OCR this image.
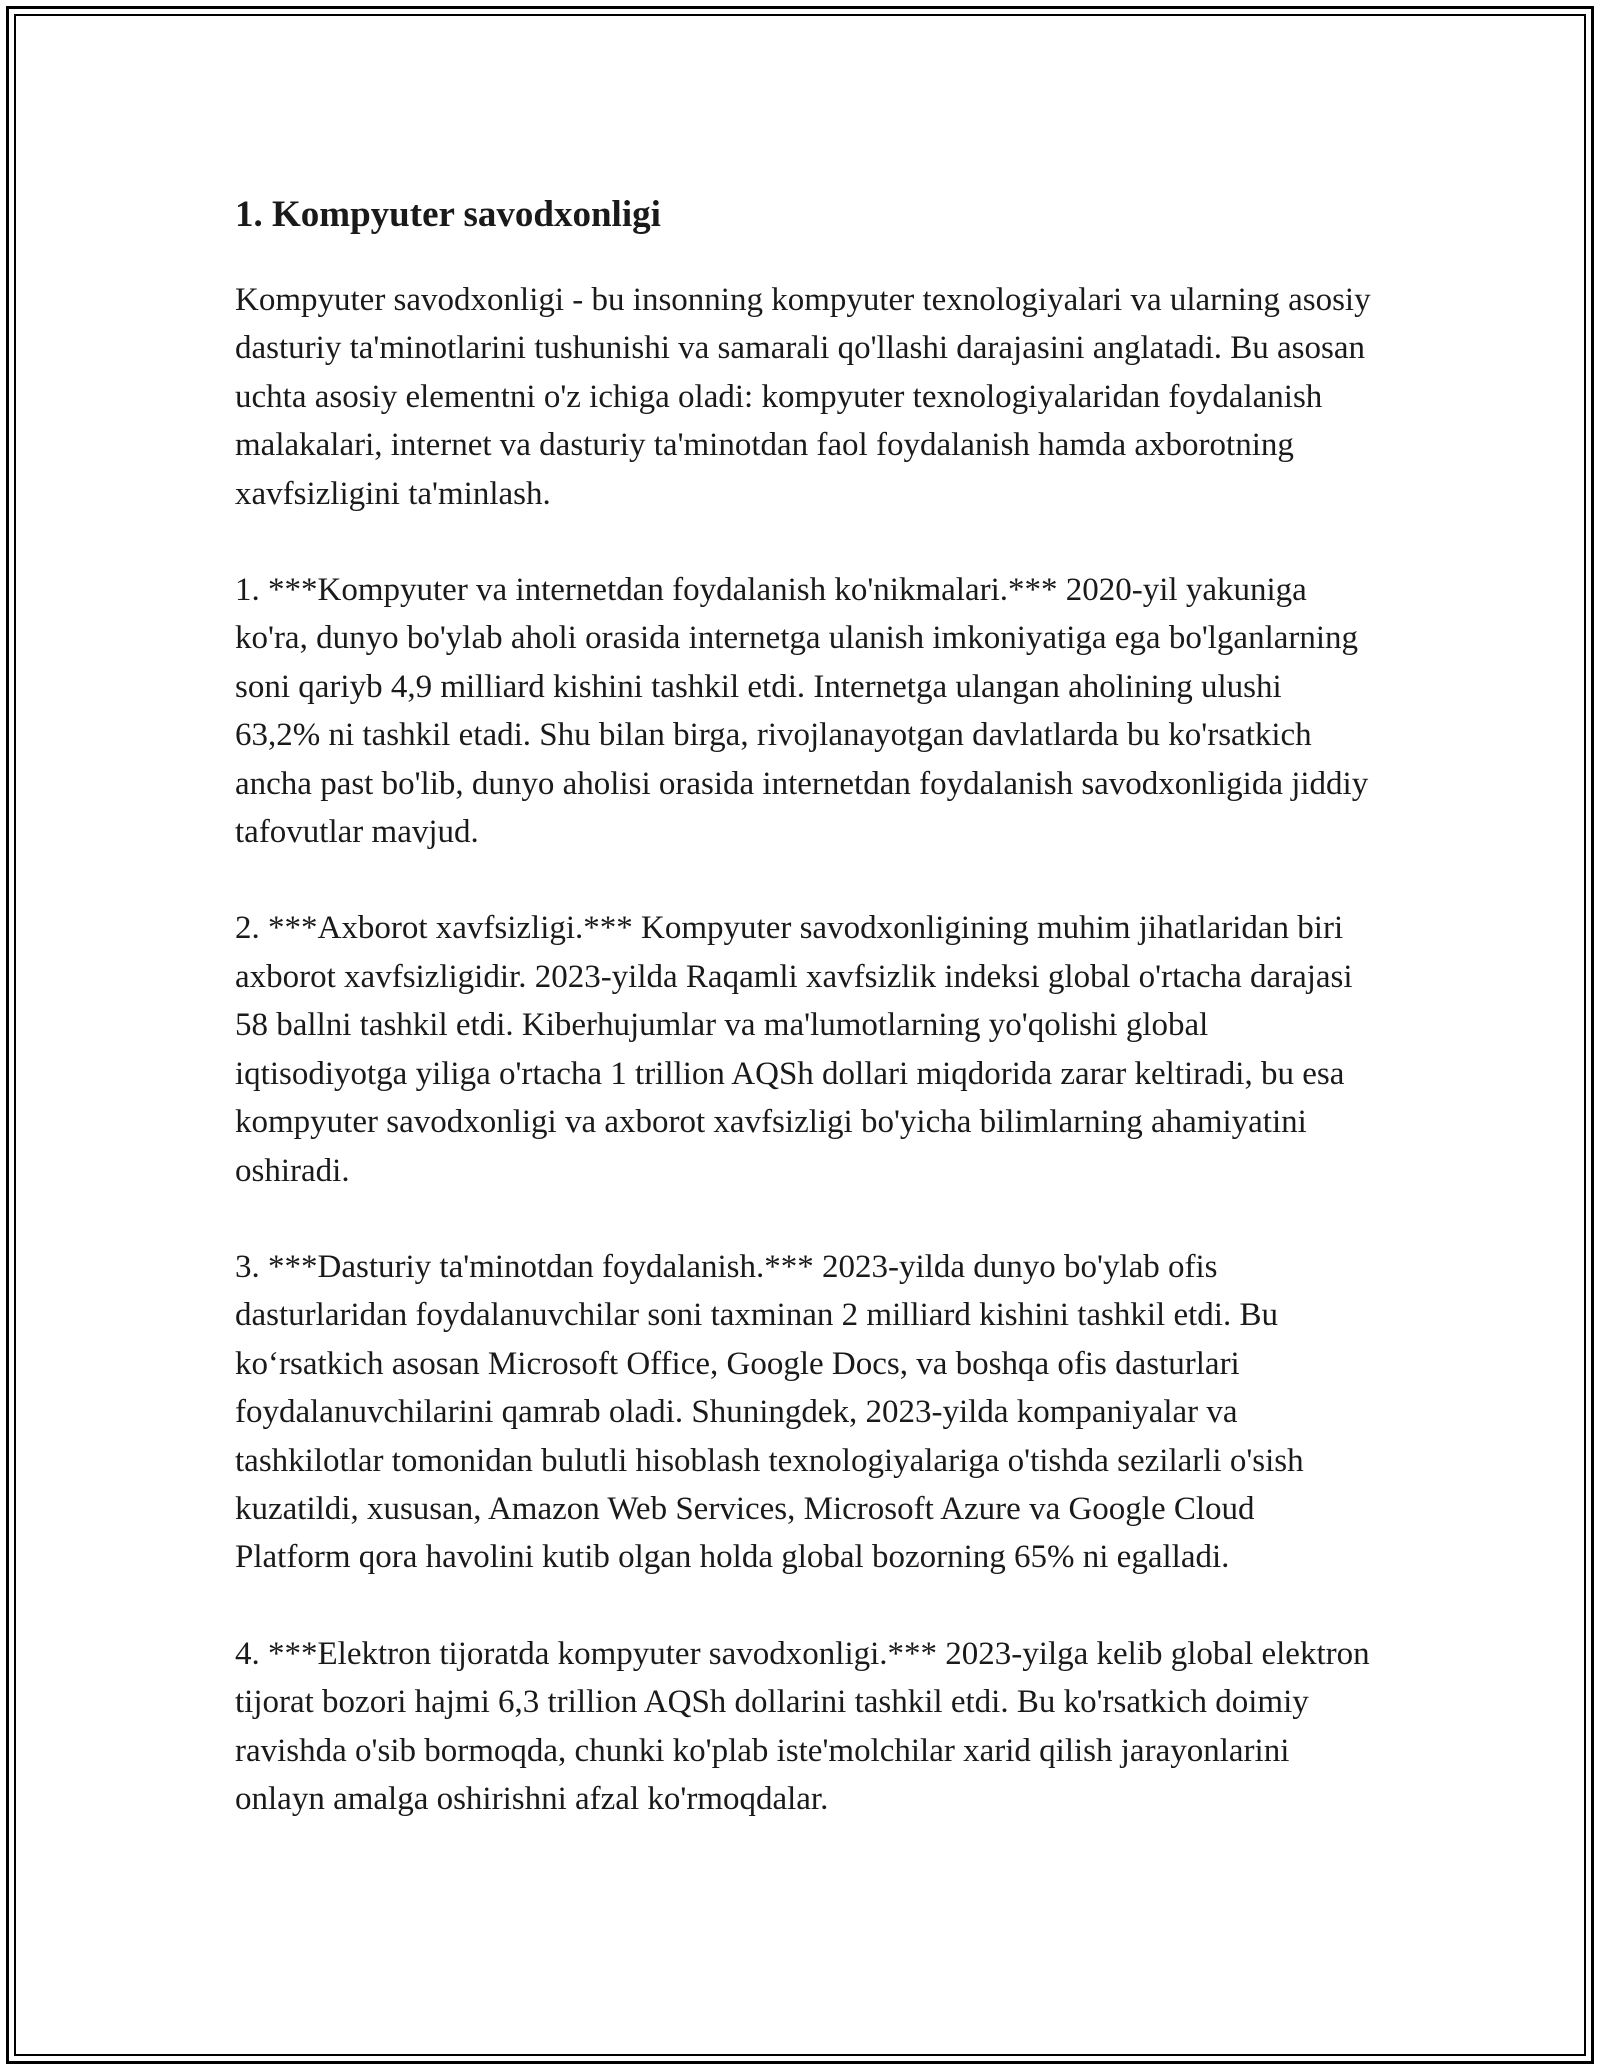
1. Kompyuter savodxonligi

Kompyuter savodxonligi - bu insonning kompyuter texnologiyalari va ularning asosiy dasturiy ta'minotlarini tushunishi va samarali qo'llashi darajasini anglatadi. Bu asosan uchta asosiy elementni o'z ichiga oladi: kompyuter texnologiyalaridan foydalanish malakalari, internet va dasturiy ta'minotdan faol foydalanish hamda axborotning xavfsizligini ta'minlash.

1. ***Kompyuter va internetdan foydalanish ko'nikmalari.*** 2020-yil yakuniga ko'ra, dunyo bo'ylab aholi orasida internetga ulanish imkoniyatiga ega bo'lganlarning soni qariyb 4,9 milliard kishini tashkil etdi. Internetga ulangan aholining ulushi 63,2% ni tashkil etadi. Shu bilan birga, rivojlanayotgan davlatlarda bu ko'rsatkich ancha past bo'lib, dunyo aholisi orasida internetdan foydalanish savodxonligida jiddiy tafovutlar mavjud.

2. ***Axborot xavfsizligi.*** Kompyuter savodxonligining muhim jihatlaridan biri axborot xavfsizligidir. 2023-yilda Raqamli xavfsizlik indeksi global o'rtacha darajasi 58 ballni tashkil etdi. Kiberhujumlar va ma'lumotlarning yo'qolishi global iqtisodiyotga yiliga o'rtacha 1 trillion AQSh dollari miqdorida zarar keltiradi, bu esa kompyuter savodxonligi va axborot xavfsizligi bo'yicha bilimlarning ahamiyatini oshiradi.

3. ***Dasturiy ta'minotdan foydalanish.*** 2023-yilda dunyo bo'ylab ofis dasturlaridan foydalanuvchilar soni taxminan 2 milliard kishini tashkil etdi. Bu ko‘rsatkich asosan Microsoft Office, Google Docs, va boshqa ofis dasturlari foydalanuvchilarini qamrab oladi. Shuningdek, 2023-yilda kompaniyalar va tashkilotlar tomonidan bulutli hisoblash texnologiyalariga o'tishda sezilarli o'sish kuzatildi, xususan, Amazon Web Services, Microsoft Azure va Google Cloud Platform qora havolini kutib olgan holda global bozorning 65% ni egalladi.

4. ***Elektron tijoratda kompyuter savodxonligi.*** 2023-yilga kelib global elektron tijorat bozori hajmi 6,3 trillion AQSh dollarini tashkil etdi. Bu ko'rsatkich doimiy ravishda o'sib bormoqda, chunki ko'plab iste'molchilar xarid qilish jarayonlarini onlayn amalga oshirishni afzal ko'rmoqdalar.
